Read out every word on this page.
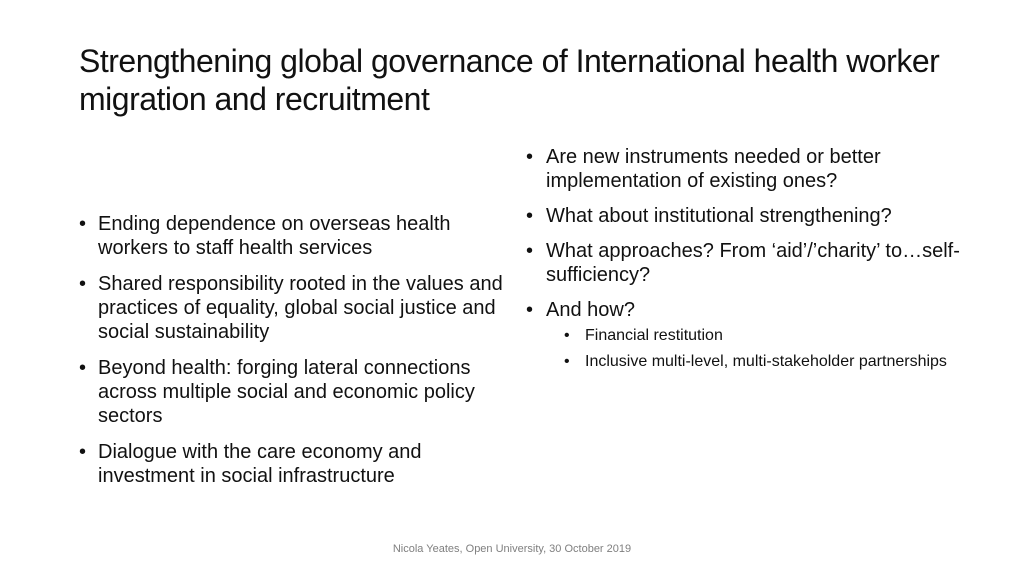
Strengthening global governance of International health worker migration and recruitment
• Ending dependence on overseas health workers to staff health services
• Shared responsibility rooted in the values and practices of equality, global social justice and social sustainability
• Beyond health: forging lateral connections across multiple social and economic policy sectors
• Dialogue with the care economy and investment in social infrastructure
• Are new instruments needed or better implementation of existing ones?
• What about institutional strengthening?
• What approaches? From ‘aid’/’charity’ to…self-sufficiency?
• And how?
• Financial restitution
• Inclusive multi-level, multi-stakeholder partnerships
Nicola Yeates, Open University, 30 October 2019
